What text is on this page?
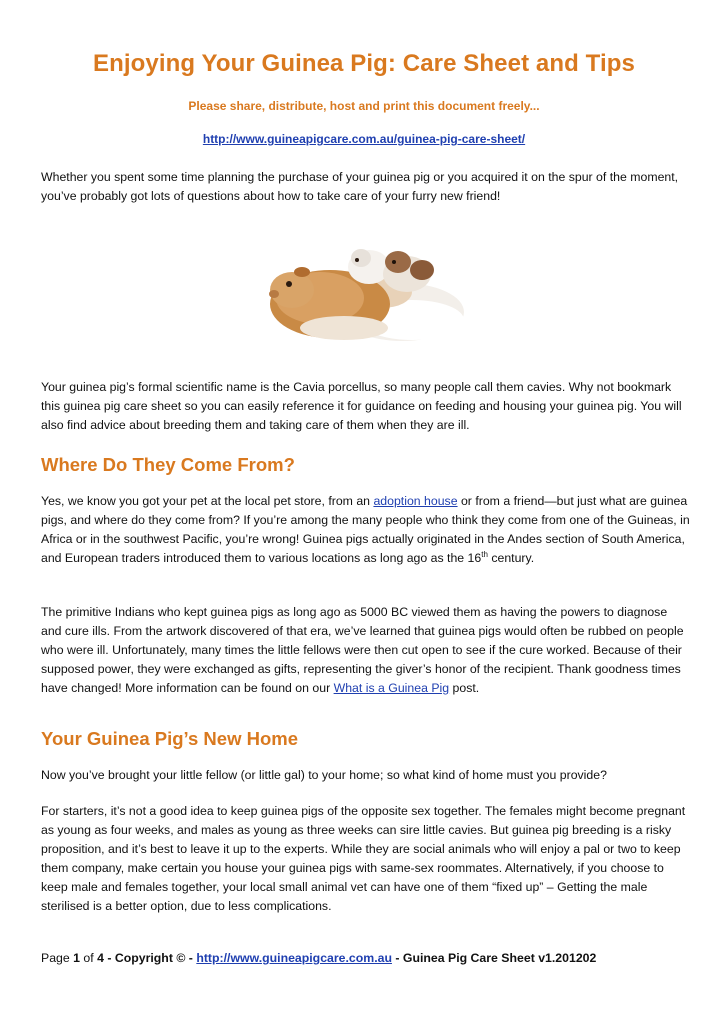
Enjoying Your Guinea Pig: Care Sheet and Tips
Please share, distribute, host and print this document freely...
http://www.guineapigcare.com.au/guinea-pig-care-sheet/
Whether you spent some time planning the purchase of your guinea pig or you acquired it on the spur of the moment, you’ve probably got lots of questions about how to take care of your furry new friend!
Your guinea pig’s formal scientific name is the Cavia porcellus, so many people call them cavies. Why not bookmark this guinea pig care sheet so you can easily reference it for guidance on feeding and housing your guinea pig. You will also find advice about breeding them and taking care of them when they are ill.
Where Do They Come From?
Yes, we know you got your pet at the local pet store, from an adoption house or from a friend—but just what are guinea pigs, and where do they come from? If you’re among the many people who think they come from one of the Guineas, in Africa or in the southwest Pacific, you’re wrong! Guinea pigs actually originated in the Andes section of South America, and European traders introduced them to various locations as long ago as the 16th century.
The primitive Indians who kept guinea pigs as long ago as 5000 BC viewed them as having the powers to diagnose and cure ills. From the artwork discovered of that era, we’ve learned that guinea pigs would often be rubbed on people who were ill. Unfortunately, many times the little fellows were then cut open to see if the cure worked. Because of their supposed power, they were exchanged as gifts, representing the giver’s honor of the recipient. Thank goodness times have changed! More information can be found on our What is a Guinea Pig post.
Your Guinea Pig’s New Home
Now you’ve brought your little fellow (or little gal) to your home; so what kind of home must you provide?
For starters, it’s not a good idea to keep guinea pigs of the opposite sex together. The females might become pregnant as young as four weeks, and males as young as three weeks can sire little cavies. But guinea pig breeding is a risky proposition, and it’s best to leave it up to the experts. While they are social animals who will enjoy a pal or two to keep them company, make certain you house your guinea pigs with same-sex roommates. Alternatively, if you choose to keep male and females together, your local small animal vet can have one of them “fixed up” – Getting the male sterilised is a better option, due to less complications.
Page 1 of 4 - Copyright © - http://www.guineapigcare.com.au - Guinea Pig Care Sheet v1.201202
